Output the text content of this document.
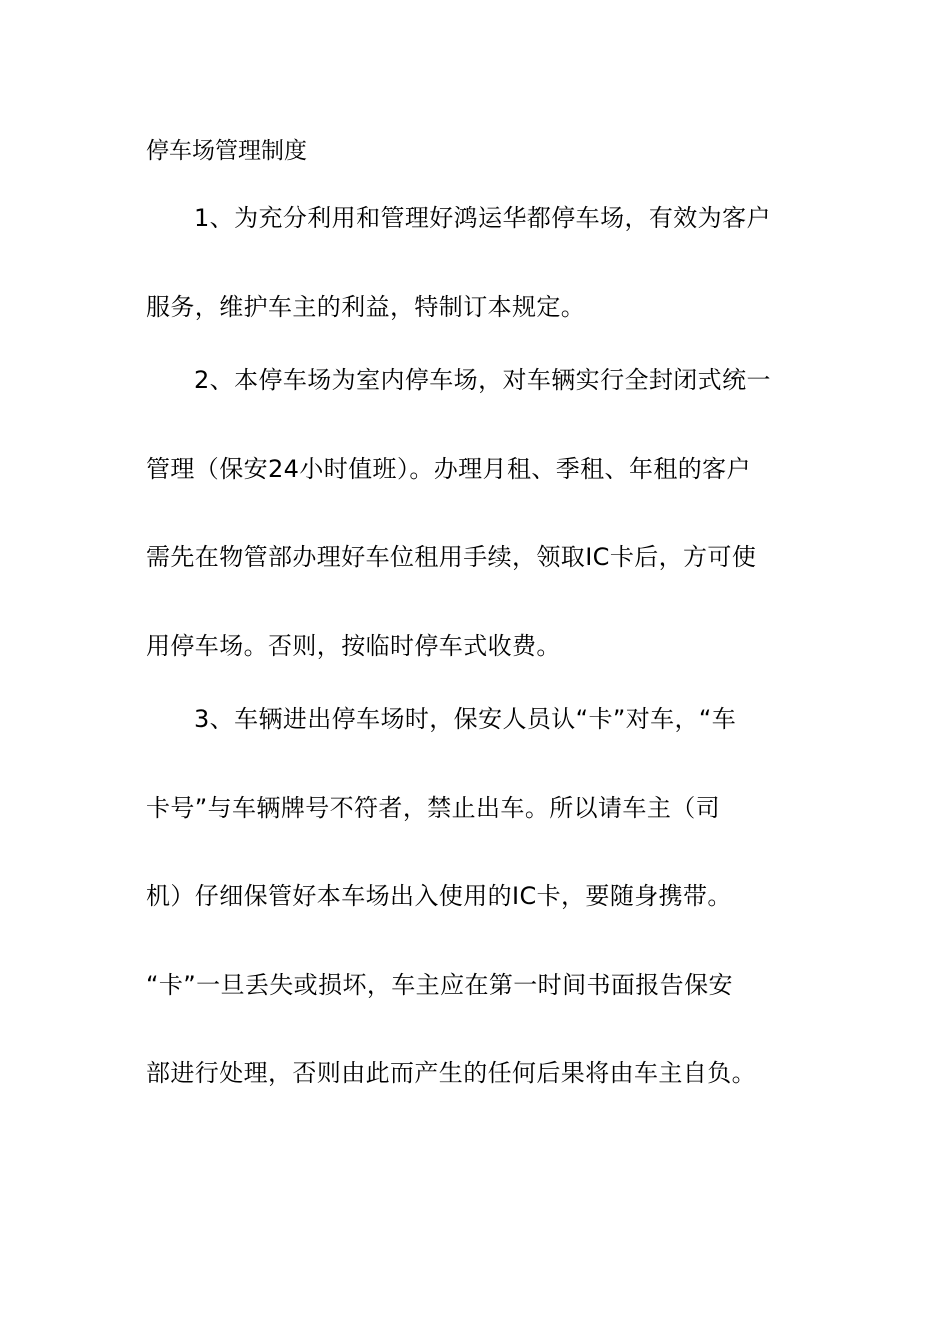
停车场管理制度
1、为充分利用和管理好鸿运华都停车场，有效为客户
服务，维护车主的利益，特制订本规定。
2、本停车场为室内停车场，对车辆实行全封闭式统一
管理（保安24小时值班）。办理月租、季租、年租的客户
需先在物管部办理好车位租用手续，领取IC卡后，方可使
用停车场。否则，按临时停车式收费。
3、车辆进出停车场时，保安人员认“卡”对车，“车
卡号”与车辆牌号不符者，禁止出车。所以请车主（司
机）仔细保管好本车场出入使用的IC卡，要随身携带。
“卡”一旦丢失或损坏，车主应在第一时间书面报告保安
部进行处理，否则由此而产生的任何后果将由车主自负。
